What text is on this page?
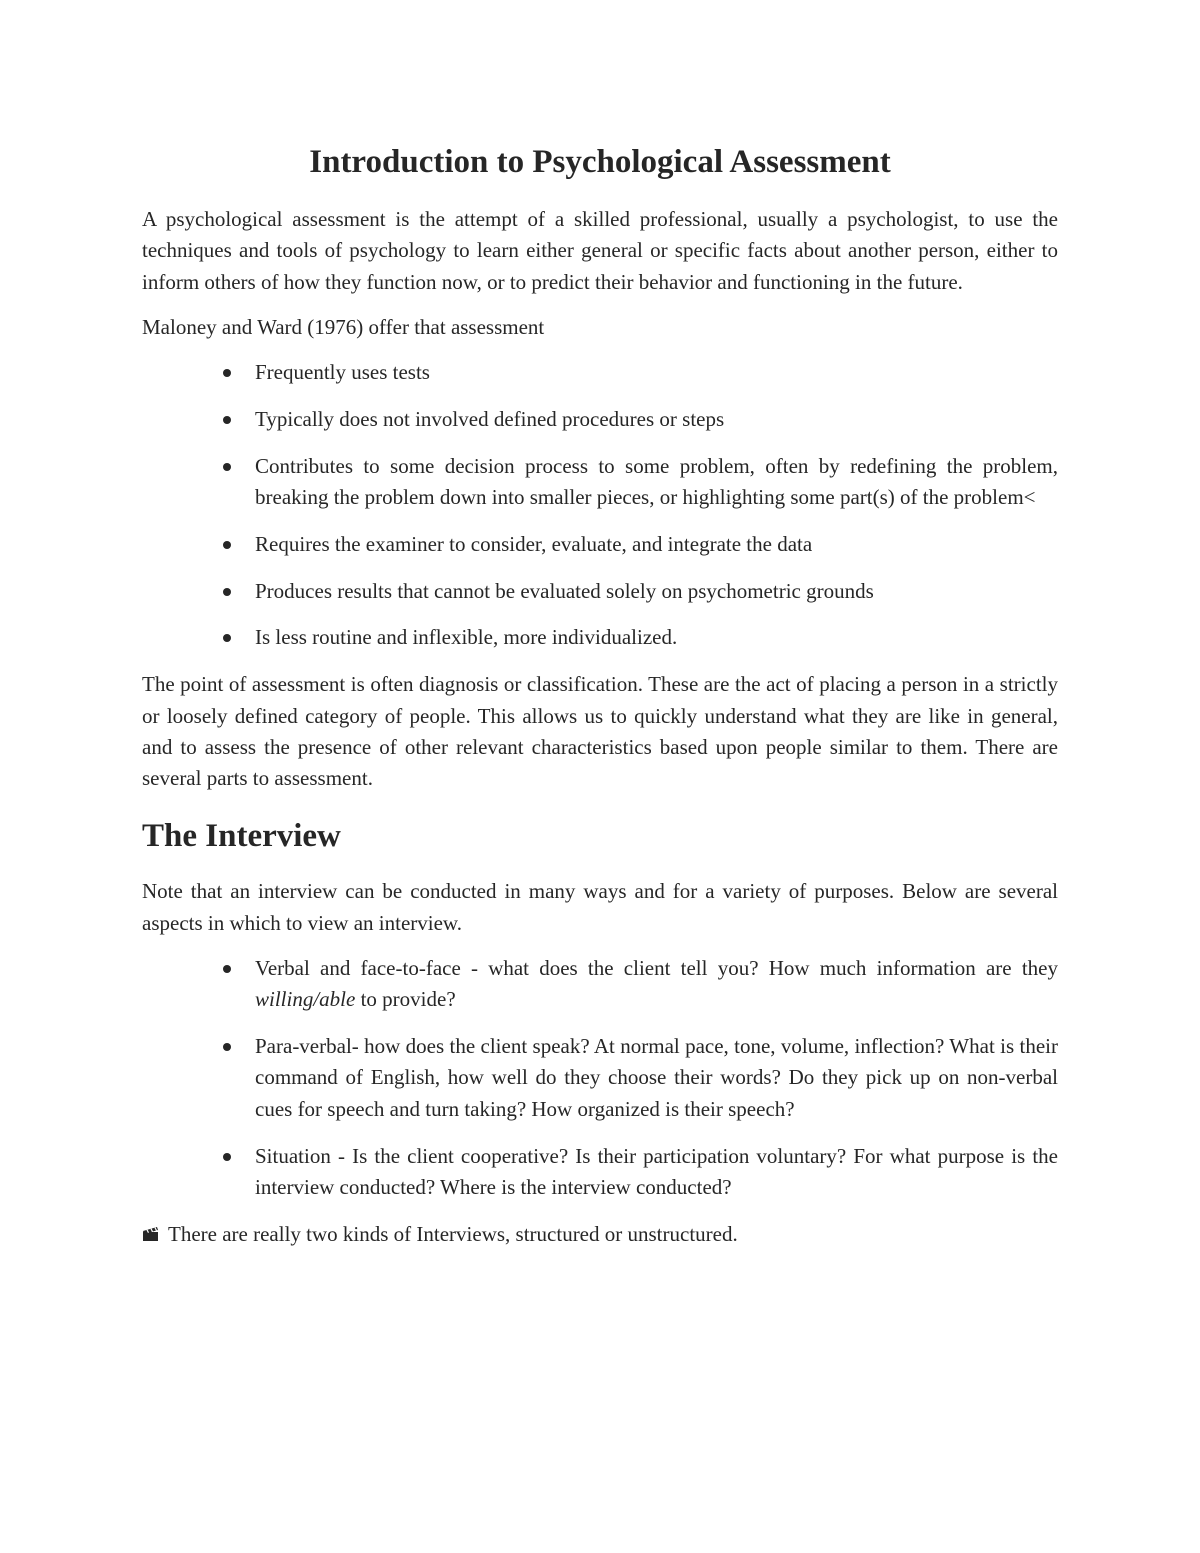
Introduction to Psychological Assessment

A psychological assessment is the attempt of a skilled professional, usually a psychologist, to use the techniques and tools of psychology to learn either general or specific facts about another person, either to inform others of how they function now, or to predict their behavior and functioning in the future.

Maloney and Ward (1976) offer that assessment

Frequently uses tests
Typically does not involved defined procedures or steps
Contributes to some decision process to some problem, often by redefining the problem, breaking the problem down into smaller pieces, or highlighting some part(s) of the problem<
Requires the examiner to consider, evaluate, and integrate the data
Produces results that cannot be evaluated solely on psychometric grounds
Is less routine and inflexible, more individualized.

The point of assessment is often diagnosis or classification. These are the act of placing a person in a strictly or loosely defined category of people. This allows us to quickly understand what they are like in general, and to assess the presence of other relevant characteristics based upon people similar to them. There are several parts to assessment.

The Interview

Note that an interview can be conducted in many ways and for a variety of purposes. Below are several aspects in which to view an interview.

Verbal and face-to-face - what does the client tell you? How much information are they willing/able to provide?
Para-verbal- how does the client speak? At normal pace, tone, volume, inflection? What is their command of English, how well do they choose their words? Do they pick up on non-verbal cues for speech and turn taking? How organized is their speech?
Situation - Is the client cooperative? Is their participation voluntary? For what purpose is the interview conducted? Where is the interview conducted?

There are really two kinds of Interviews, structured or unstructured.
